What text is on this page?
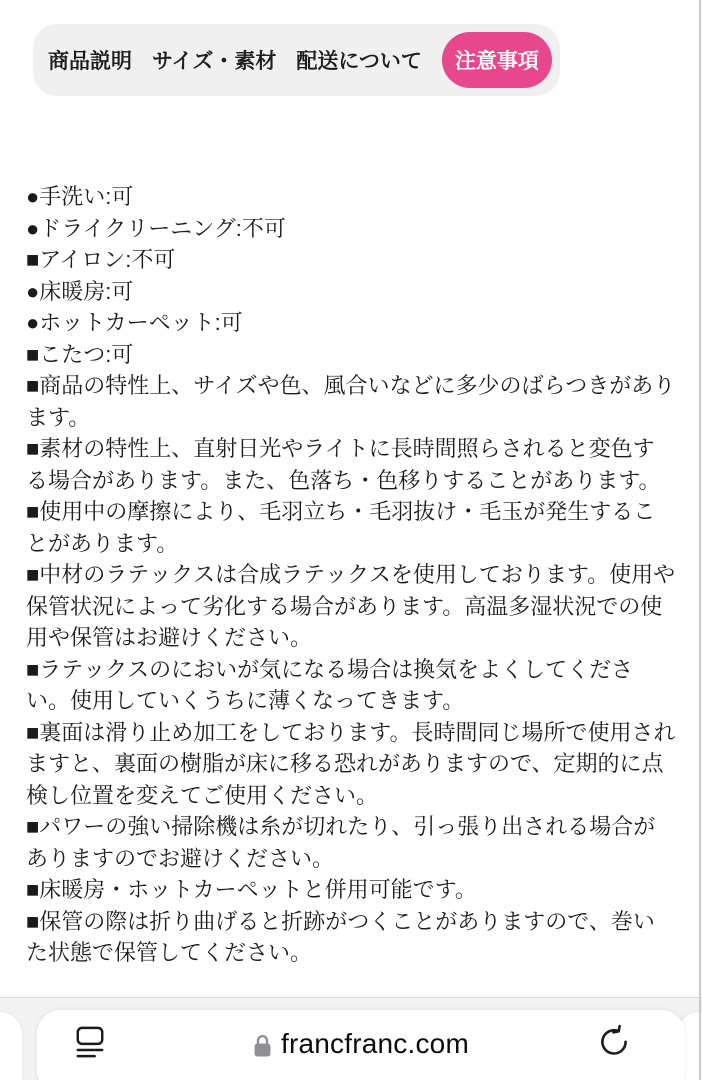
商品説明 サイズ・素材 配送について	注意事項
●手洗い:可
●ドライクリーニング:不可
■アイロン:不可
●床暖房:可
●ホットカーペット:可
■こたつ:可
■商品の特性上、サイズや色、風合いなどに多少のばらつきがあります。
■素材の特性上、直射日光やライトに長時間照らされると変色する場合があります。また、色落ち・色移りすることがあります。
■使用中の摩擦により、毛羽立ち・毛羽抜け・毛玉が発生することがあります。
■中材のラテックスは合成ラテックスを使用しております。使用や保管状況によって劣化する場合があります。高温多湿状況での使用や保管はお避けください。
■ラテックスのにおいが気になる場合は換気をよくしてください。使用していくうちに薄くなってきます。
■裏面は滑り止め加工をしております。長時間同じ場所で使用されますと、裏面の樹脂が床に移る恐れがありますので、定期的に点検し位置を変えてご使用ください。
■パワーの強い掃除機は糸が切れたり、引っ張り出される場合がありますのでお避けください。
■床暖房・ホットカーペットと併用可能です。
■保管の際は折り曲げると折跡がつくことがありますので、巻いた状態で保管してください。
francfranc.com
